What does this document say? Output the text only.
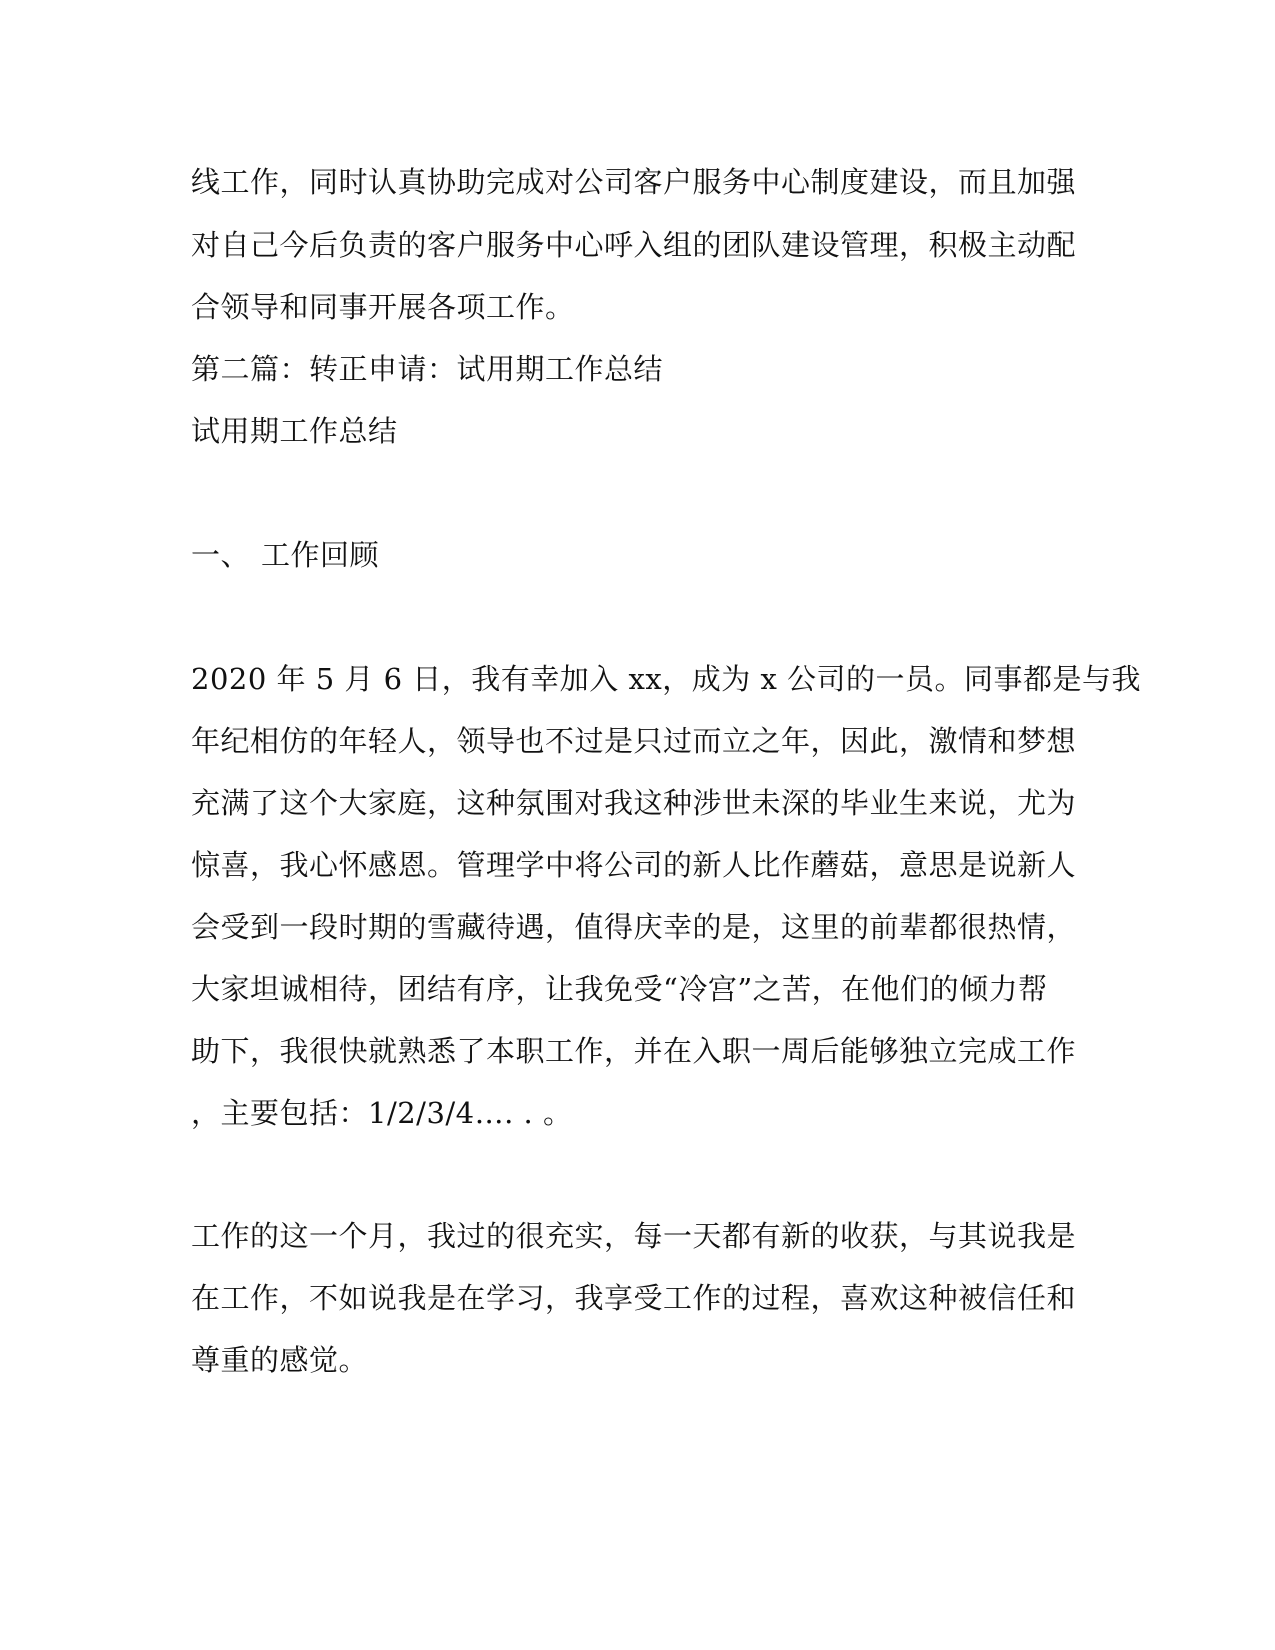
线工作，同时认真协助完成对公司客户服务中心制度建设，而且加强
对自己今后负责的客户服务中心呼入组的团队建设管理，积极主动配
合领导和同事开展各项工作。
第二篇：转正申请：试用期工作总结
试用期工作总结
一、 工作回顾
2020 年 5 月 6 日，我有幸加入 xx，成为 x 公司的一员。同事都是与我
年纪相仿的年轻人，领导也不过是只过而立之年，因此，激情和梦想
充满了这个大家庭，这种氛围对我这种涉世未深的毕业生来说，尤为
惊喜，我心怀感恩。管理学中将公司的新人比作蘑菇，意思是说新人
会受到一段时期的雪藏待遇，值得庆幸的是，这里的前辈都很热情，
大家坦诚相待，团结有序，让我免受“冷宫”之苦，在他们的倾力帮
助下，我很快就熟悉了本职工作，并在入职一周后能够独立完成工作
，主要包括：1/2/3/4…. . 。
工作的这一个月，我过的很充实，每一天都有新的收获，与其说我是
在工作，不如说我是在学习，我享受工作的过程，喜欢这种被信任和
尊重的感觉。
